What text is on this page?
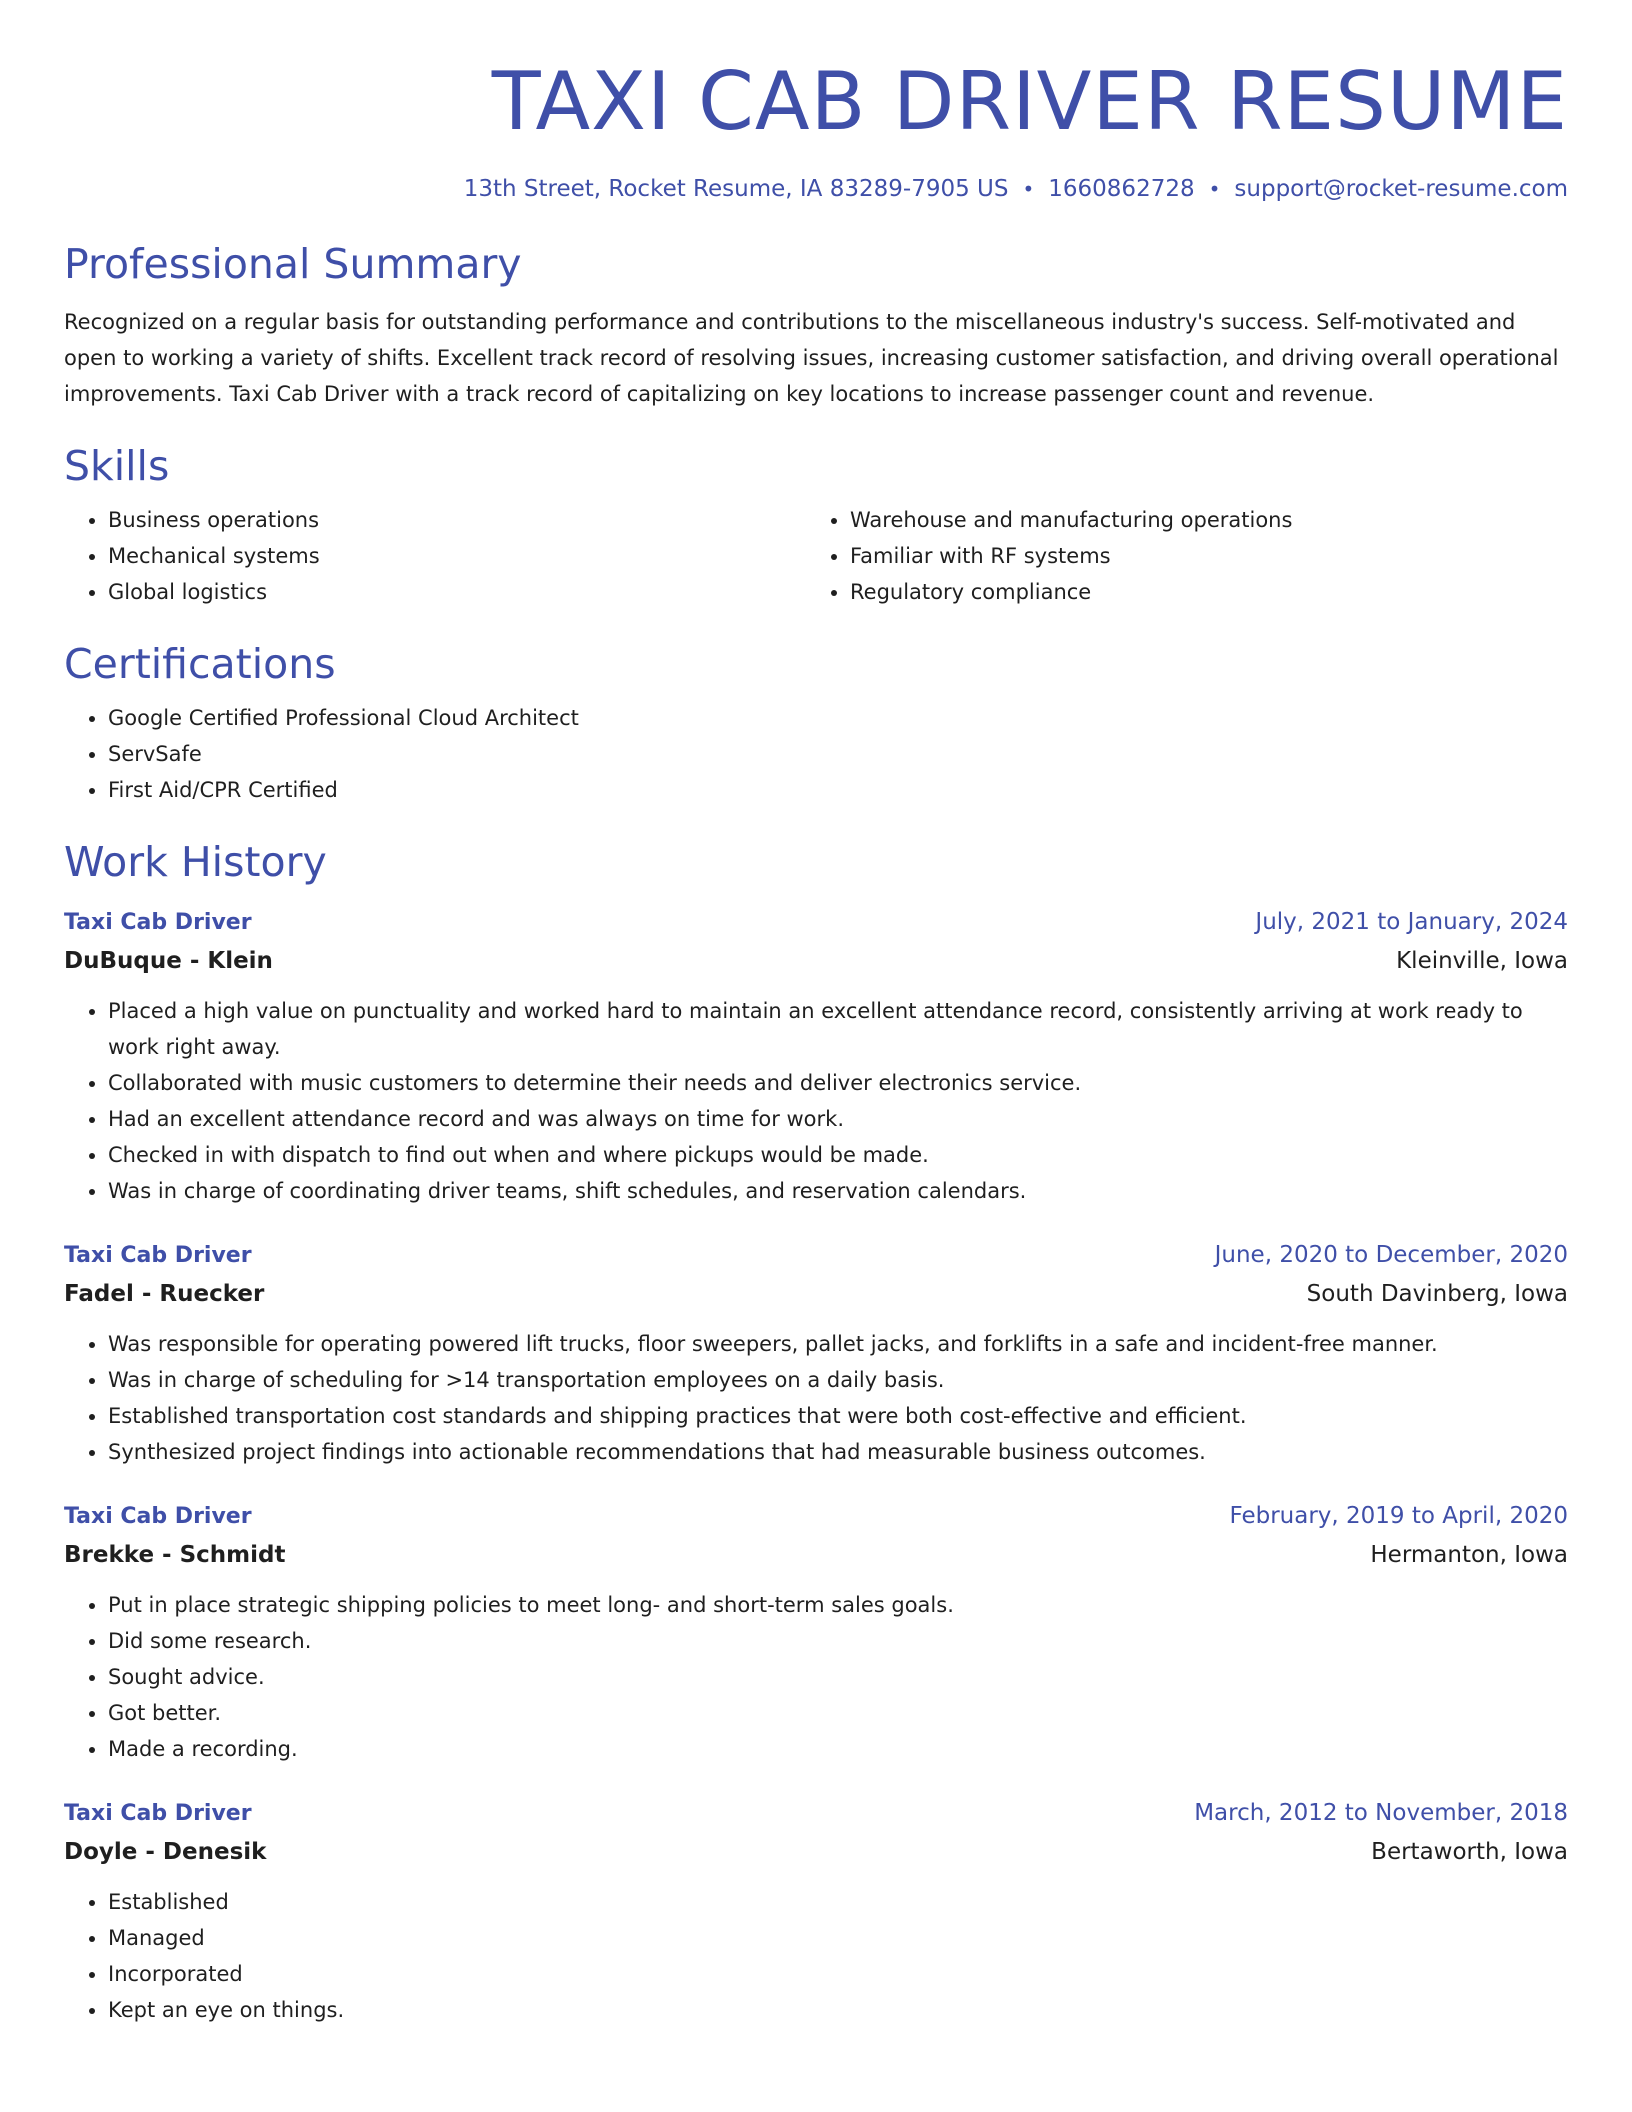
TAXI CAB DRIVER RESUME
13th Street, Rocket Resume, IA 83289-7905 US • 1660862728 • support@rocket-resume.com
Professional Summary
Recognized on a regular basis for outstanding performance and contributions to the miscellaneous industry's success. Self-motivated and open to working a variety of shifts. Excellent track record of resolving issues, increasing customer satisfaction, and driving overall operational improvements. Taxi Cab Driver with a track record of capitalizing on key locations to increase passenger count and revenue.
Skills
• Business operations
• Mechanical systems
• Global logistics
• Warehouse and manufacturing operations
• Familiar with RF systems
• Regulatory compliance
Certifications
• Google Certified Professional Cloud Architect
• ServSafe
• First Aid/CPR Certified
Work History
Taxi Cab Driver	July, 2021 to January, 2024
DuBuque - Klein	Kleinville, Iowa
• Placed a high value on punctuality and worked hard to maintain an excellent attendance record, consistently arriving at work ready to work right away.
• Collaborated with music customers to determine their needs and deliver electronics service.
• Had an excellent attendance record and was always on time for work.
• Checked in with dispatch to find out when and where pickups would be made.
• Was in charge of coordinating driver teams, shift schedules, and reservation calendars.
Taxi Cab Driver	June, 2020 to December, 2020
Fadel - Ruecker	South Davinberg, Iowa
• Was responsible for operating powered lift trucks, floor sweepers, pallet jacks, and forklifts in a safe and incident-free manner.
• Was in charge of scheduling for >14 transportation employees on a daily basis.
• Established transportation cost standards and shipping practices that were both cost-effective and efficient.
• Synthesized project findings into actionable recommendations that had measurable business outcomes.
Taxi Cab Driver	February, 2019 to April, 2020
Brekke - Schmidt	Hermanton, Iowa
• Put in place strategic shipping policies to meet long- and short-term sales goals.
• Did some research.
• Sought advice.
• Got better.
• Made a recording.
Taxi Cab Driver	March, 2012 to November, 2018
Doyle - Denesik	Bertaworth, Iowa
• Established
• Managed
• Incorporated
• Kept an eye on things.
